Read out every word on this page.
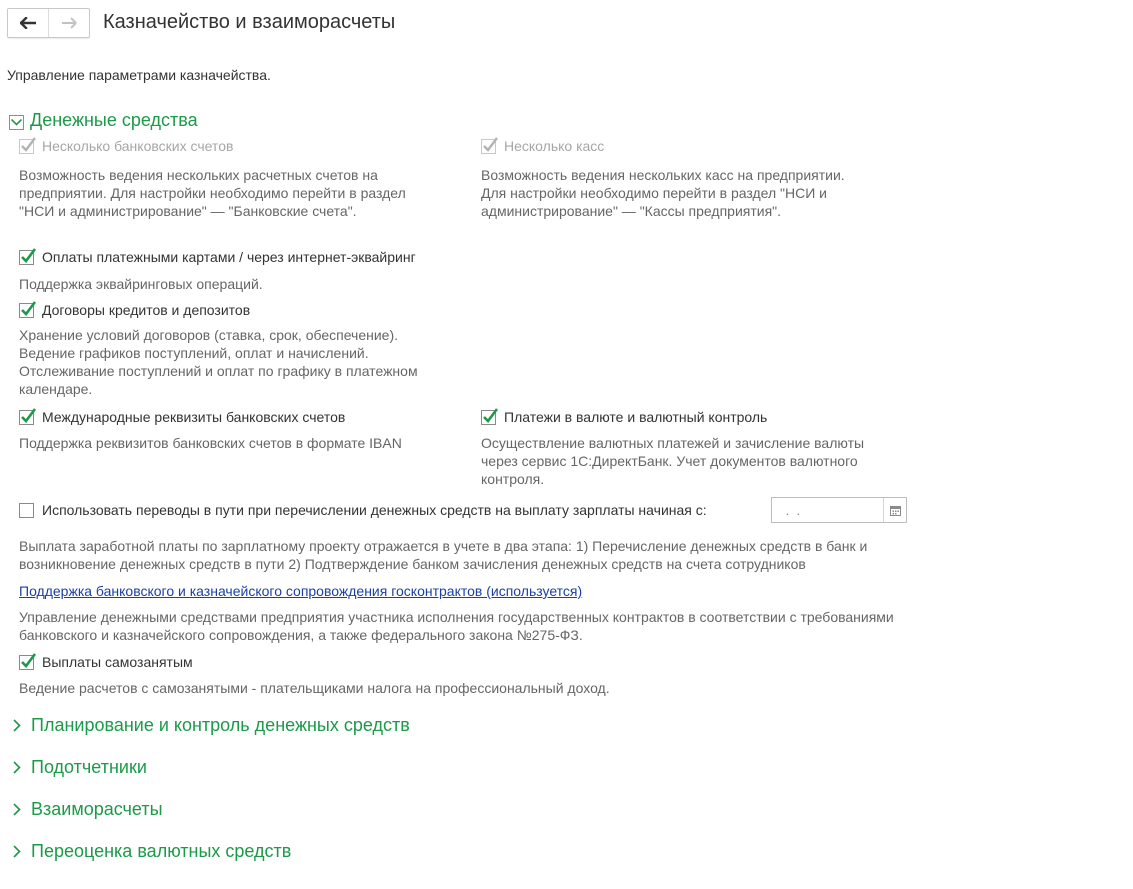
Казначейство и взаиморасчеты
Управление параметрами казначейства.
Денежные средства
Несколько банковских счетов
Возможность ведения нескольких расчетных счетов на
предприятии. Для настройки необходимо перейти в раздел
"НСИ и администрирование" — "Банковские счета".
Несколько касс
Возможность ведения нескольких касс на предприятии.
Для настройки необходимо перейти в раздел "НСИ и
администрирование" — "Кассы предприятия".
Оплаты платежными картами / через интернет-эквайринг
Поддержка эквайринговых операций.
Договоры кредитов и депозитов
Хранение условий договоров (ставка, срок, обеспечение).
Ведение графиков поступлений, оплат и начислений.
Отслеживание поступлений и оплат по графику в платежном
календаре.
Международные реквизиты банковских счетов
Поддержка реквизитов банковских счетов в формате IBAN
Платежи в валюте и валютный контроль
Осуществление валютных платежей и зачисление валюты
через сервис 1С:ДиректБанк. Учет документов валютного
контроля.
Использовать переводы в пути при перечислении денежных средств на выплату зарплаты начиная с:
. .
Выплата заработной платы по зарплатному проекту отражается в учете в два этапа: 1) Перечисление денежных средств в банк и
возникновение денежных средств в пути 2) Подтверждение банком зачисления денежных средств на счета сотрудников
Поддержка банковского и казначейского сопровождения госконтрактов (используется)
Управление денежными средствами предприятия участника исполнения государственных контрактов в соответствии с требованиями
банковского и казначейского сопровождения, а также федерального закона №275-ФЗ.
Выплаты самозанятым
Ведение расчетов с самозанятыми - плательщиками налога на профессиональный доход.
Планирование и контроль денежных средств
Подотчетники
Взаиморасчеты
Переоценка валютных средств
